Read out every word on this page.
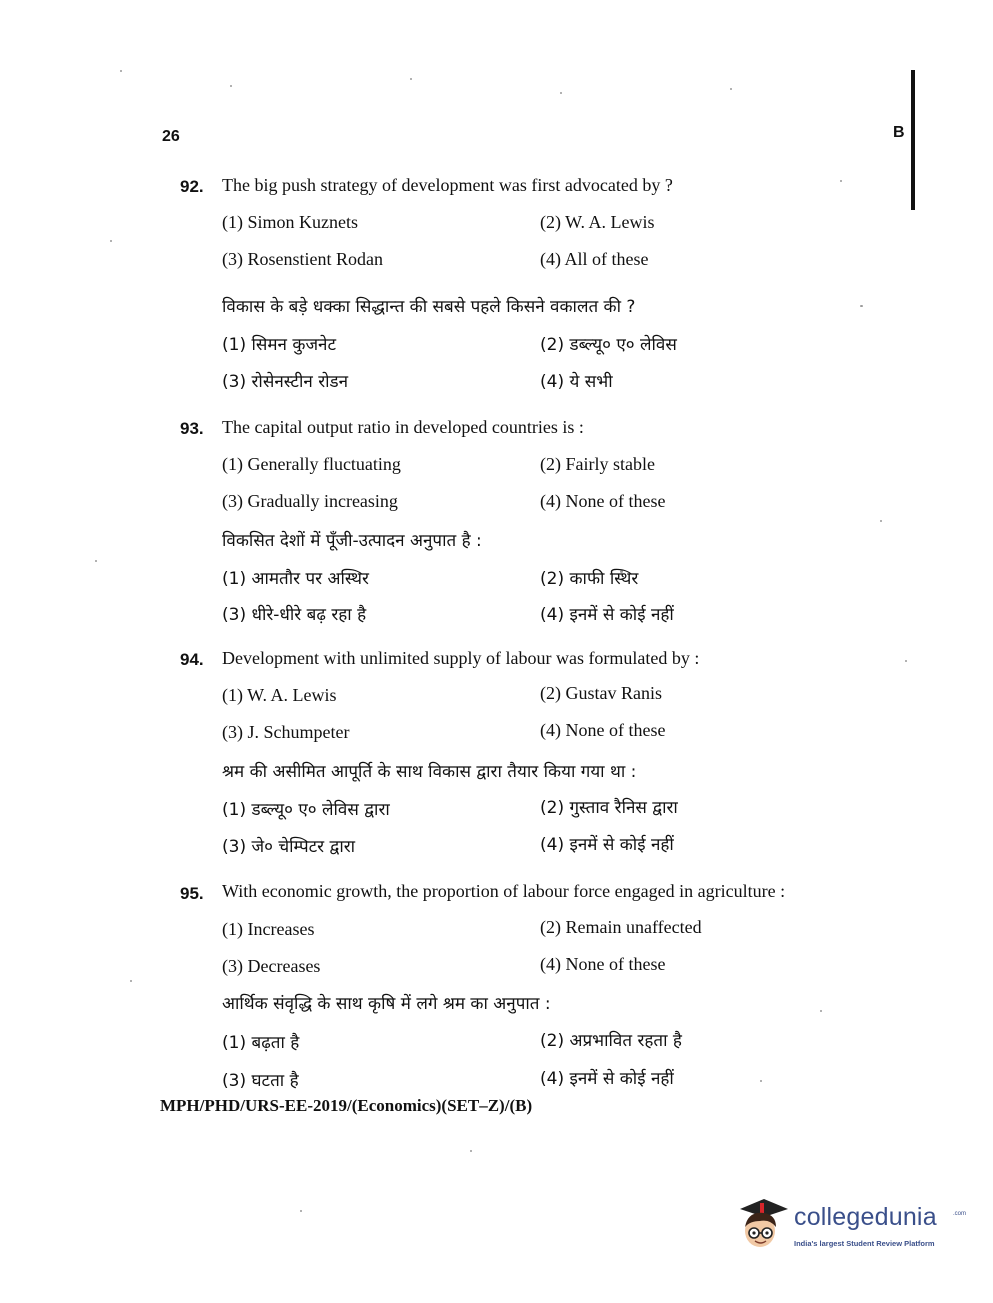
26	B
92. The big push strategy of development was first advocated by ?
(1) Simon Kuznets	(2) W. A. Lewis
(3) Rosenstient Rodan	(4) All of these
विकास के बड़े धक्का सिद्धान्त की सबसे पहले किसने वकालत की ?
(1) सिमन कुजनेट	(2) डब्ल्यू० ए० लेविस
(3) रोसेनस्टीन रोडन	(4) ये सभी
93. The capital output ratio in developed countries is :
(1) Generally fluctuating	(2) Fairly stable
(3) Gradually increasing	(4) None of these
विकसित देशों में पूँजी-उत्पादन अनुपात है :
(1) आमतौर पर अस्थिर	(2) काफी स्थिर
(3) धीरे-धीरे बढ़ रहा है	(4) इनमें से कोई नहीं
94. Development with unlimited supply of labour was formulated by :
(1) W. A. Lewis	(2) Gustav Ranis
(3) J. Schumpeter	(4) None of these
श्रम की असीमित आपूर्ति के साथ विकास द्वारा तैयार किया गया था :
(1) डब्ल्यू० ए० लेविस द्वारा	(2) गुस्ताव रैनिस द्वारा
(3) जे० चेम्पिटर द्वारा	(4) इनमें से कोई नहीं
95. With economic growth, the proportion of labour force engaged in agriculture :
(1) Increases	(2) Remain unaffected
(3) Decreases	(4) None of these
आर्थिक संवृद्धि के साथ कृषि में लगे श्रम का अनुपात :
(1) बढ़ता है	(2) अप्रभावित रहता है
(3) घटता है	(4) इनमें से कोई नहीं
MPH/PHD/URS-EE-2019/(Economics)(SET–Z)/(B)
collegedunia	.com
India's largest Student Review Platform
